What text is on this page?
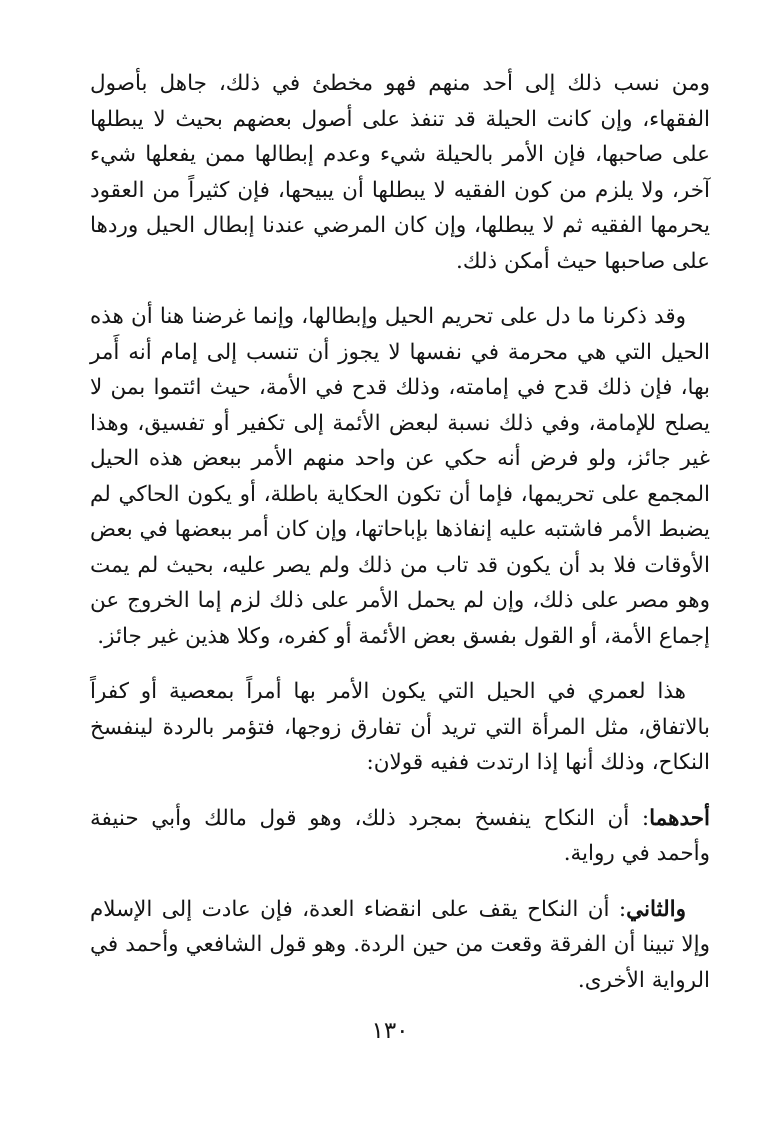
ومن نسب ذلك إلى أحد منهم فهو مخطئ في ذلك، جاهل بأصول الفقهاء، وإن كانت الحيلة قد تنفذ على أصول بعضهم بحيث لا يبطلها على صاحبها، فإن الأمر بالحيلة شيء وعدم إبطالها ممن يفعلها شيء آخر، ولا يلزم من كون الفقيه لا يبطلها أن يبيحها، فإن كثيراً من العقود يحرمها الفقيه ثم لا يبطلها، وإن كان المرضي عندنا إبطال الحيل وردها على صاحبها حيث أمكن ذلك.

وقد ذكرنا ما دل على تحريم الحيل وإبطالها، وإنما غرضنا هنا أن هذه الحيل التي هي محرمة في نفسها لا يجوز أن تنسب إلى إمام أنه أَمر بها، فإن ذلك قدح في إمامته، وذلك قدح في الأمة، حيث ائتموا بمن لا يصلح للإمامة، وفي ذلك نسبة لبعض الأئمة إلى تكفير أو تفسيق، وهذا غير جائز، ولو فرض أنه حكي عن واحد منهم الأمر ببعض هذه الحيل المجمع على تحريمها، فإما أن تكون الحكاية باطلة، أو يكون الحاكي لم يضبط الأمر فاشتبه عليه إنفاذها بإباحاتها، وإن كان أمر ببعضها في بعض الأوقات فلا بد أن يكون قد تاب من ذلك ولم يصر عليه، بحيث لم يمت وهو مصر على ذلك، وإن لم يحمل الأمر على ذلك لزم إما الخروج عن إجماع الأمة، أو القول بفسق بعض الأئمة أو كفره، وكلا هذين غير جائز.

هذا لعمري في الحيل التي يكون الأمر بها أمراً بمعصية أو كفراً بالاتفاق، مثل المرأة التي تريد أن تفارق زوجها، فتؤمر بالردة لينفسخ النكاح، وذلك أنها إذا ارتدت ففيه قولان:

أحدهما: أن النكاح ينفسخ بمجرد ذلك، وهو قول مالك وأبي حنيفة وأحمد في رواية.

والثاني: أن النكاح يقف على انقضاء العدة، فإن عادت إلى الإسلام وإلا تبينا أن الفرقة وقعت من حين الردة. وهو قول الشافعي وأحمد في الرواية الأخرى.

١٣٠
